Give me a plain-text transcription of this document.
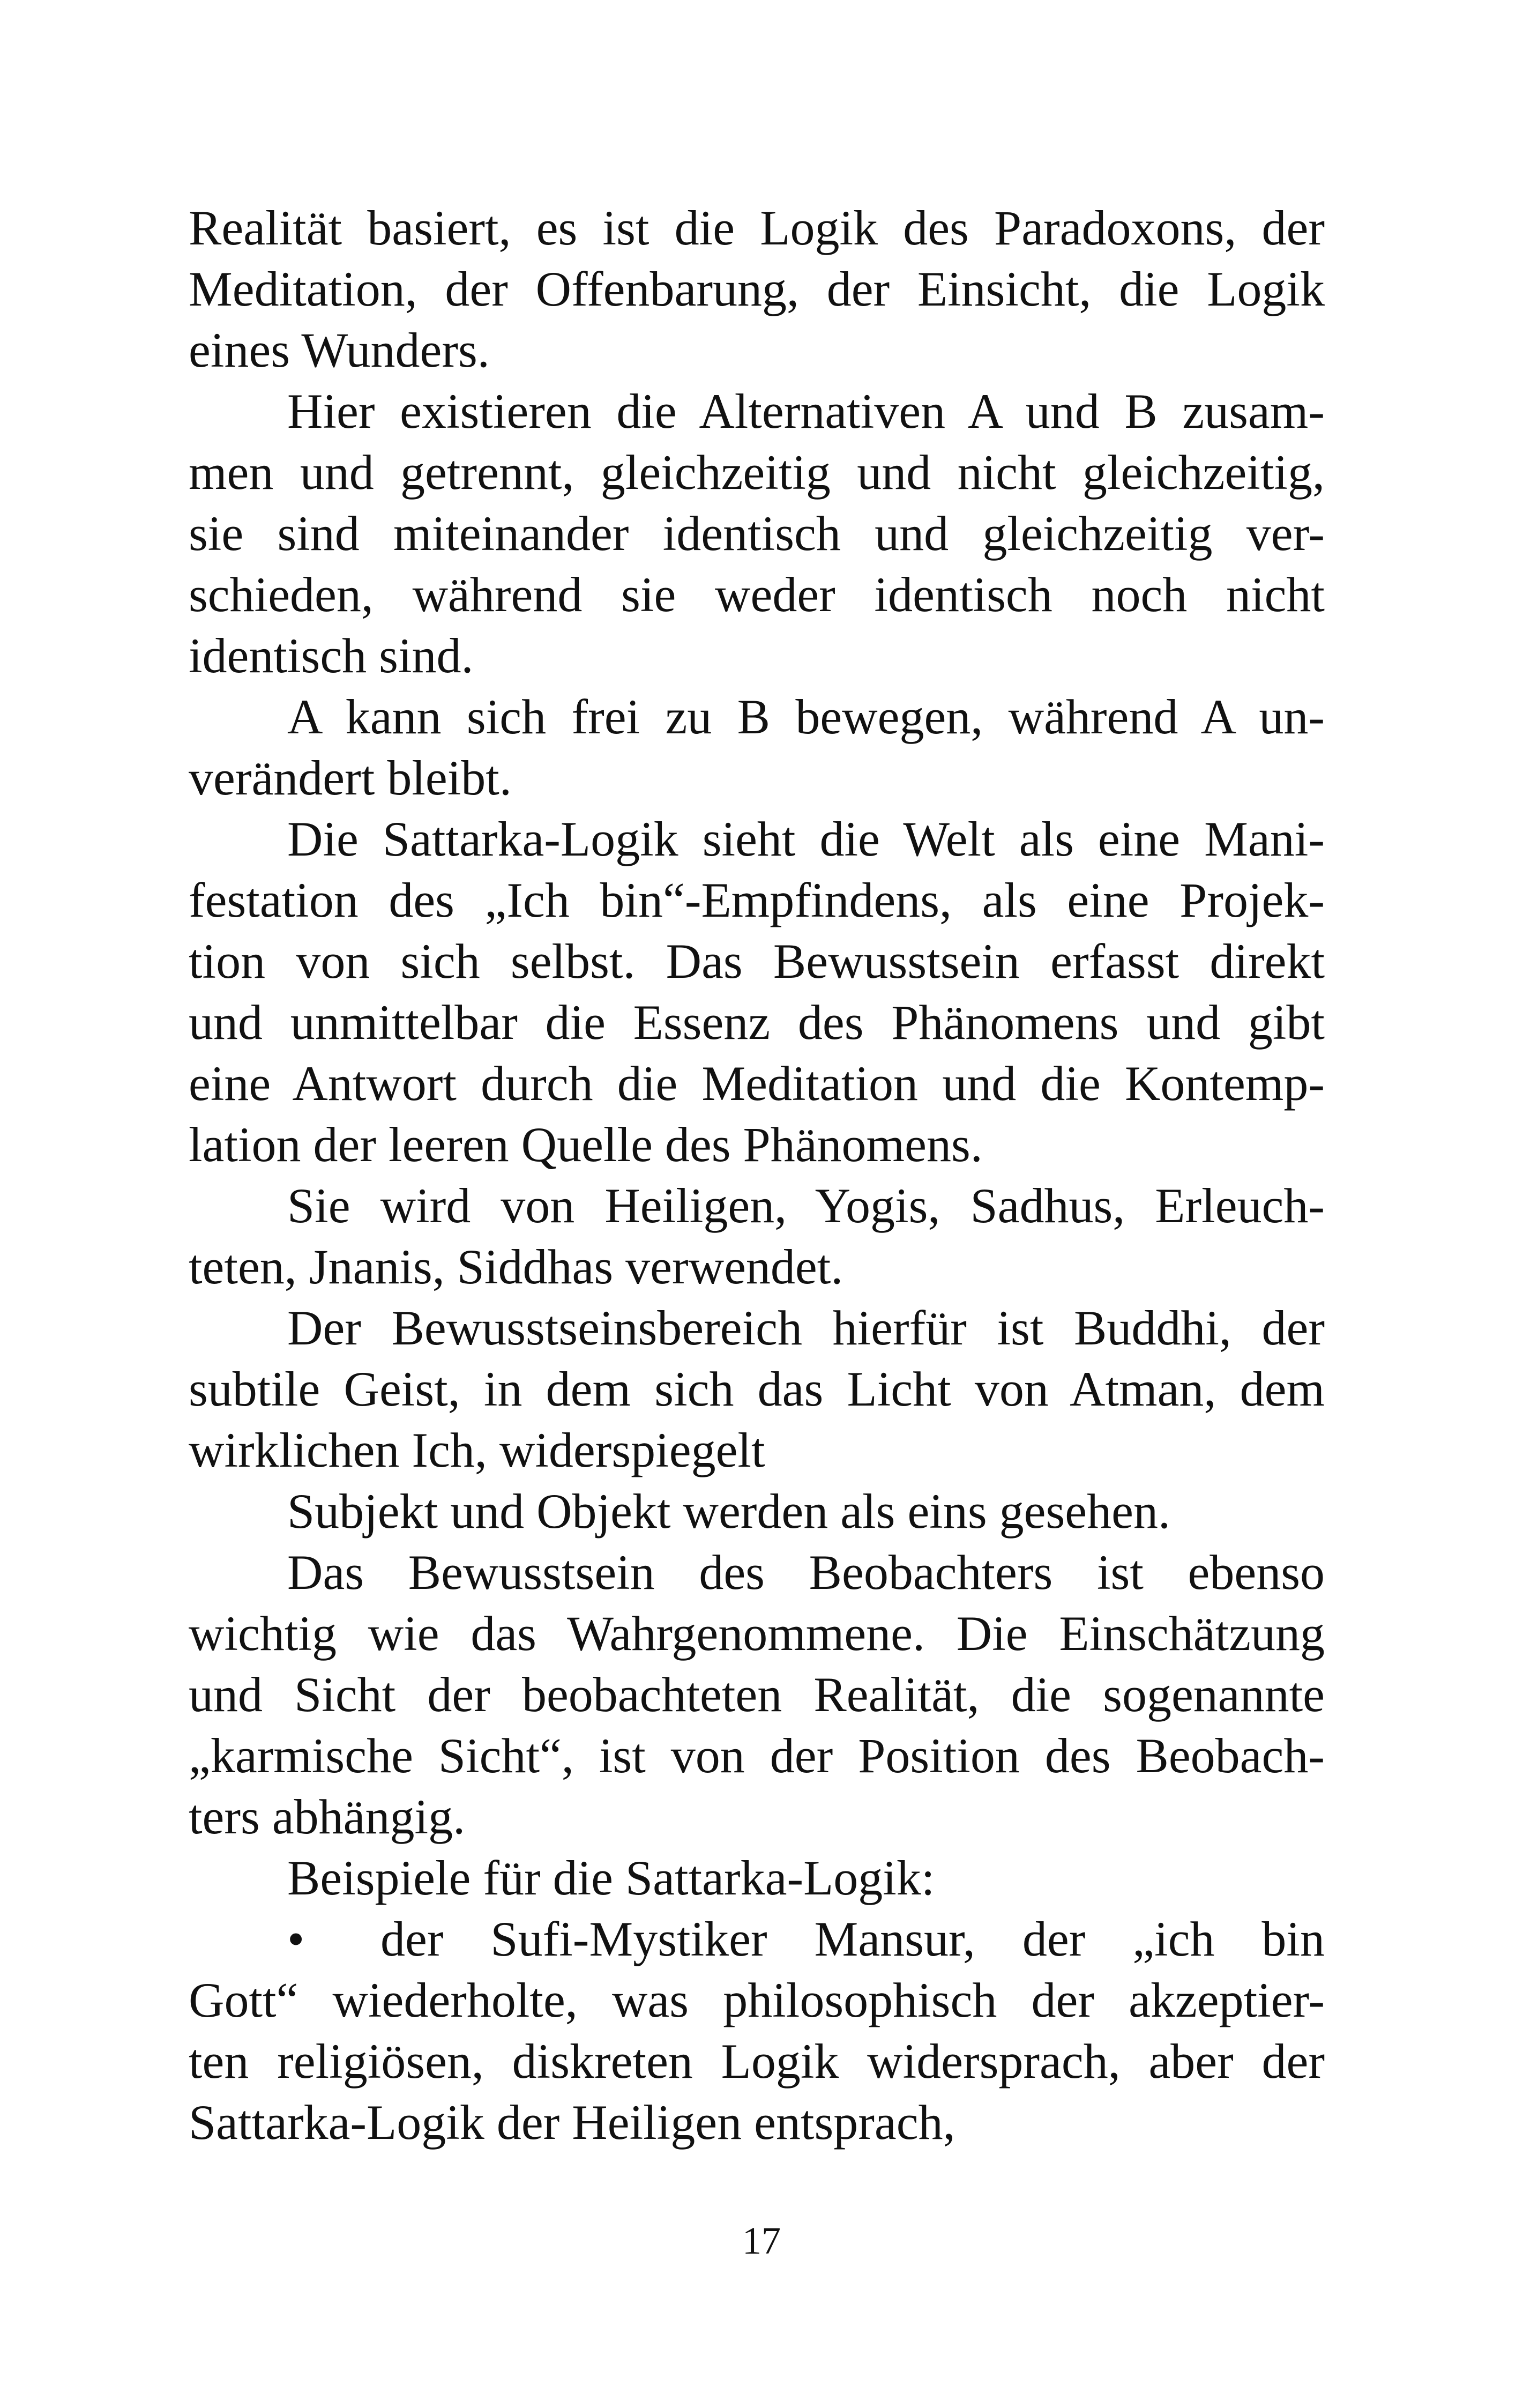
Realität basiert, es ist die Logik des Paradoxons, der
Meditation, der Offenbarung, der Einsicht, die Logik
eines Wunders.
Hier existieren die Alternativen A und B zusam-
men und getrennt, gleichzeitig und nicht gleichzeitig,
sie sind miteinander identisch und gleichzeitig ver-
schieden, während sie weder identisch noch nicht
identisch sind.
A kann sich frei zu B bewegen, während A un-
verändert bleibt.
Die Sattarka-Logik sieht die Welt als eine Mani-
festation des „Ich bin“-Empfindens, als eine Projek-
tion von sich selbst. Das Bewusstsein erfasst direkt
und unmittelbar die Essenz des Phänomens und gibt
eine Antwort durch die Meditation und die Kontemp-
lation der leeren Quelle des Phänomens.
Sie wird von Heiligen, Yogis, Sadhus, Erleuch-
teten, Jnanis, Siddhas verwendet.
Der Bewusstseinsbereich hierfür ist Buddhi, der
subtile Geist, in dem sich das Licht von Atman, dem
wirklichen Ich, widerspiegelt
Subjekt und Objekt werden als eins gesehen.
Das Bewusstsein des Beobachters ist ebenso
wichtig wie das Wahrgenommene. Die Einschätzung
und Sicht der beobachteten Realität, die sogenannte
„karmische Sicht“, ist von der Position des Beobach-
ters abhängig.
Beispiele für die Sattarka-Logik:
•	der Sufi-Mystiker Mansur, der „ich bin
Gott“ wiederholte, was philosophisch der akzeptier-
ten religiösen, diskreten Logik widersprach, aber der
Sattarka-Logik der Heiligen entsprach,
17
